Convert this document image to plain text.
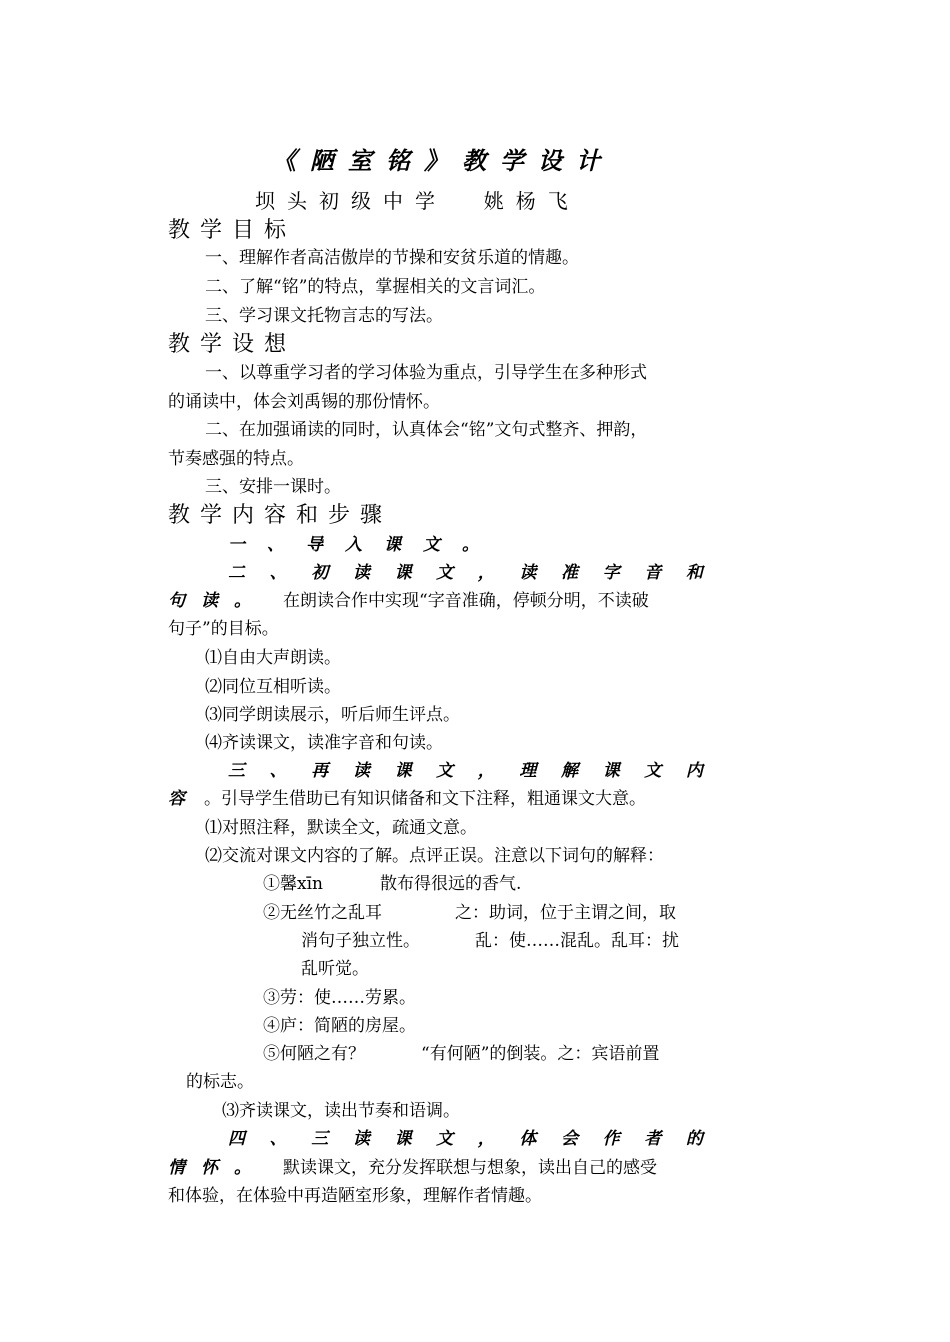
《陋室铭》教学设计
坝头初级中学  姚杨飞
教学目标
一、理解作者高洁傲岸的节操和安贫乐道的情趣。
二、了解“铭”的特点，掌握相关的文言词汇。
三、学习课文托物言志的写法。
教学设想
一、以尊重学习者的学习体验为重点，引导学生在多种形式
的诵读中，体会刘禹锡的那份情怀。
二、在加强诵读的同时，认真体会“铭”文句式整齐、押韵，
节奏感强的特点。
三、安排一课时。
教学内容和步骤
一、导入课文。
二 、 初 读 课 文 ， 读 准 字 音 和
句读。 在朗读合作中实现“字音准确，停顿分明，不读破
句子”的目标。
⑴自由大声朗读。
⑵同位互相听读。
⑶同学朗读展示，听后师生评点。
⑷齐读课文，读准字音和句读。
三 、 再 读 课 文 ， 理 解 课 文 内
容 。引导学生借助已有知识储备和文下注释，粗通课文大意。
⑴对照注释，默读全文，疏通文意。
⑵交流对课文内容的了解。点评正误。注意以下词句的解释：
①馨xīn	散布得很远的香气.
②无丝竹之乱耳	之：助词，位于主谓之间，取
消句子独立性。	乱：使……混乱。乱耳：扰
乱听觉。
③劳：使……劳累。
④庐：简陋的房屋。
⑤何陋之有？	“有何陋”的倒装。之：宾语前置
的标志。
⑶齐读课文，读出节奏和语调。
四 、 三 读 课 文 ， 体 会 作 者 的
情怀。 默读课文，充分发挥联想与想象，读出自己的感受
和体验，在体验中再造陋室形象，理解作者情趣。
